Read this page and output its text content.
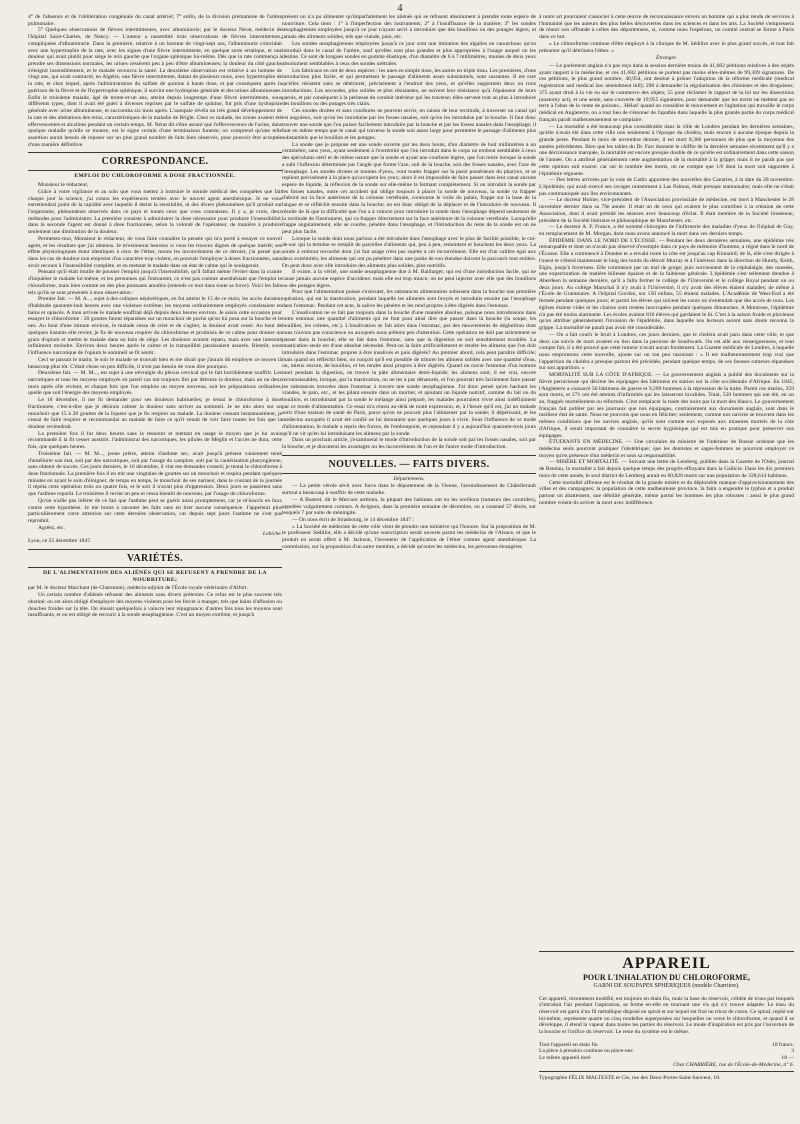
4

4° de l'absence et de l'oblitération congéniale du canal artériel; 7° enfin, de la division prématurée de l'artère pulmonaire.

5° Quelques observations de fièvres intermittentes, avec albuminurie; par le docteur Nérat, médecin de l'hôpital Saint-Charles, de Nancy. — L'auteur a rassemblé trois observations de fièvres intermittentes, compliquées d'albuminurie. Dans la première, relative à un homme de vingt-sept ans, l'albuminurie coïncidait avec une hypertrophie de la rate, avec les signes d'une fièvre intermittente, en quelque sorte erratique, et une douleur qui avait plutôt pour siège le rein gauche que l'organe splénique lui-même. Dès que la rate commença à prendre ses dimensions normales, les urines cessèrent peu à peu d'être albumineuses; la douleur du côté gauche s'éteignit insensiblement, et le malade recouvra la santé. La deuxième observation est relative à un homme de vingt ans, qui avait contracté, en Algérie, une fièvre intermittente, datant de plusieurs mois, avec hypertrophie de la rate, et chez lequel, après l'administration du sulfate de quinine à haute dose, et par conséquent après la guérison de la fièvre et de l'hypertrophie splénique, il survint une hydropisie générale et des urines albumineuses. Enfin le troisième malade, âgé de trente-et-un ans, atteint depuis longtemps d'une fièvre intermittente, sous différents types, dont il avait été guéri à diverses reprises par le sulfate de quinine, fut pris d'une hydropisie générale avec urine albumineuse, et succomba six mois après. L'autopsie révéla un très grand développement de la rate et des altérations des reins, caractéristiques de la maladie de Bright. Chez ce malade, les urines avaient été effervescentes et alcalines pendant un certain temps. M. Nérat dit s'être assuré que l'effervescence de l'urine, dans quelque maladie qu'elle se montre, est le signe certain d'une terminaison funeste; on comprend qu'une telle assertion aurait besoin de reposer sur un plus grand nombre de faits bien observés, pour pouvoir être acceptée d'une manière définitive.

CORRESPONDANCE.
EMPLOI DU CHLOROFORME A DOSE FRACTIONNÉE.

Monsieur le rédacteur,

Grâce à votre vigilance et au soin que vous mettez à instruire le monde médical des conquêtes que fait chaque jour la science, j'ai connu les expériences tentées avec le nouvel agent anesthésique. Je ne vous entretiendrai point de la rapidité avec laquelle il éteint la sensibilité, ni des divers phénomènes qu'il produit sur l'organisme, phénomènes observés dans ce pays et toutes ceux que vous connaissez. Il y a, je crois, deux méthodes pour l'administrer. La première consiste à administrer la dose nécessaire pour produire l'insensibilité; dans la seconde l'agent est donné à dose fractionnée, selon la volonté de l'opérateur, de manière à produire seulement une diminution de la douleur.

Permettez-moi, Monsieur le rédacteur, de vous faire connaître la pensée qui m'a porté à essayer ce nouvel agent, et les résultats que j'ai obtenus. Je m'estimerai heureux si vous les trouvez dignes de quelque intérêt; ses effets physiologiques étant identiques à ceux de l'éther, moins les inconvénients de ce dernier, j'ai pensé que, dans les cas de douleur non empreint d'un caractère trop violent, on pourrait l'employer à doses fractionnées, sans avoir recours à l'insensibilité complète, et en mettant le malade dans un état de calme qui le soulagerait.

Pensant qu'il était inutile de pousser l'emploi jusqu'à l'insensibilité, qu'il fallait même l'éviter dans la crainte d'inquiéter le malade lui-même, et les personnes qui l'entourent, ce n'est pas comme anesthésiant que l'emploi le chloroforme, mais bien comme un des plus puissants anodins (entends ce mot dans toute sa force). Voici les faits tels qu'ils se sont présentés à mon observation :

Premier fait. — M. A..., sujet à des coliques néphrétiques, en fut atteint le 15 de ce mois; les accès duraient d'habitude quarante-huit heures avec une violence extrême; les moyens ordinairement employés consistaient en bains et opiacés. A mon arrivée le malade souffrait déjà depuis deux heures environ. Je saisis cette occasion pour essayer le chloroforme : 20 gouttes furent répandues sur un mouchoir de poche qu'on lui posa sur la bouche et le nez. Au bout d'une minute environ, le malade cessa de crier et de s'agiter, la douleur avait cessé. Au bout de quelques instants elle revint; je fis de nouveau respirer du chloroforme et produisis de ce calme pour donner un grain d'opium et mettre le malade dans un bain de siège. Les douleurs avaient reparu, mais avec une intensité infiniment moindre. Environ deux heures après le calme et la tranquillité paraissaient assurés. Bientôt, sous l'influence narcotique de l'opium le sommeil se fit sentir.

Ceci se passait le matin; le soir le malade se trouvait bien et me disait que j'aurais dû employer ce moyen là beaucoup plus tôt. C'était chose on peu difficile, il n'est pas besoin de vous dire pourquoi.

Deuxième fait. — M. M..., est sujet à une névralgie du plexus cervical qui le fait horriblement souffrir. Les narcotiques et tous les moyens employés en pareil cas ont toujours fini par détruire la douleur, mais un ou deux mois après elle revient, et chaque fois que l'on emploie un moyen nouveau, soit les préparations ordinaires, quelle que soit l'énergie des moyens employés.

Le 18 décembre, il me fit demander pour ses douleurs habituelles; je tentai le chloroforme à dose fractionnée, c'est-à-dire que je désirais calmer la douleur sans arriver au sommeil. Je ne mis alors sur un mouchoir que 15 à 20 gouttes de la liqueur que je fis respirer au malade. La douleur cessant instantanément, je cessai de faire respirer et recommandai au malade de faire ce qu'il venait de voir faire toutes les fois que la douleur reviendrait.

La première fois il fut deux heures sans la ressentir et mettant en usage le moyen que je lui avais recommandé il la fit cesser aussitôt. J'administrai des narcotiques, les pilules de Méglin et l'accès ne dura, cette fois, que quelques heures.

Troisième fait. — M. M..., jeune prêtre, atteint d'asthme sec, avait jusqu'à présent vainement tenté d'améliorer son état, soit par des narcotiques, soit par l'usage du camphre, soit par la cautérisation pharyngienne, sans obtenir de succès. Ces jours derniers, le 16 décembre, il vint me demander conseil; je tentai le chloroforme à dose fractionnée. La première fois il en mit une vingtaine de gouttes sur un mouchoir et respira pendant quelques minutes en ayant le soin d'éloigner, de temps en temps, le mouchoir de ses narines; dans le courant de la journée il répéta cette opération trois ou quatre fois, et le soir il n'avait plus d'oppression. Deux jours se passèrent sans que l'asthme reparût. Le troisième il revint un peu et cessa bientôt de nouveau, par l'usage du chloroforme.

Qu'on n'aille pas inférer de ce fait que l'asthme peut se guérir aussi promptement, car je m'inscris en faux contre cette hypothèse. Je me borne à raconter les faits sans en tirer aucune conséquence. J'appelerai plus particulièrement votre attention sur cette dernière observation, car depuis sept jours l'asthme ne s'est pas reproduit.

Agréez, etc.

Lebiche.
Lyon, ce 25 décembre 1847.
VARIÉTÉS.
DE L'ALIMENTATION DES ALIÉNÉS QUI SE REFUSENT A PRENDRE DE LA NOURRITURE;

par M. le docteur Marchant (de Charenton), médecin-adjoint de l'École royale vétérinaire d'Alfort.

Un certain nombre d'aliénés refusent des aliments sous divers prétextes. Ce refus est le plus souvent très obstiné; on est alors obligé d'employer des moyens violents pour les forcer à manger, tels que bains d'affusion ou douches froides sur la tête. On réussit quelquefois à vaincre leur répugnance; d'autres fois tous les moyens sont insuffisants, et on est obligé de recourir à la sonde œsophagienne. C'est un moyen extrême, et jusqu'à

présent on n'a pu alimenter qu'imparfaitement les aliénés qui se refusent absolument à prendre toute espèce de nourriture. Cela tient : 1° à l'imperfection des instruments; 2° à l'insuffisance de la matière; 3° les sondes œsophagiennes employées jusqu'à ce jour n'ayant servi à introduire que des bouillons ou des potages légers, et jamais des aliments solides, tels que viande, pain, etc.

Les sondes œsophagiennes employées jusqu'à ce jour sont une imitation des algalies en caoutchouc qu'on introduit dans le canal de l'urètre, sauf qu'elles sont plus grandes et plus appropriées à l'usage auquel on les destine. Ce sont de longues sondes en gomme élastique, d'un diamètre de 6 à 7 millimètres, munies de deux yeux absolument semblables à ceux des sondes urétrales.

Les fabricans en ont de deux espèces : les unes en simple tissu, les autres en triple tissu. Les premières, d'une introduction plus facile, et qui permettent le passage d'aliments assez substantiels, sont cassantes. Il est rare qu'elles résistent sans se détériorer, précisément à l'endroit des yeux, et qu'elles supportent deux ou trois introductions. Les secondes, plus solides et plus résistantes, ne suivent leur résistance qu'à l'épaisseur de leurs parois, et par conséquent à la petitesse du conduit intérieur qui les traverse; elles servent tout au plus à introduire des bouillons ou des potages très clairs.

Ces sondes droites et sans courbures ne peuvent servir, en raison de leur rectitude, à traverser un canal qui est anguleux, soit qu'on les introduise par les fosses nasales, soit qu'on les introduise par la bouche. Il faut donc trouver une sonde que l'on puisse facilement introduire par la bouche et par les fosses nasales dans l'œsophage; il faut en même temps que le canal qui traverse la sonde soit assez large pour permettre le passage d'aliments plus substantiels que le bouillon et les potages.

La sonde que je propose est une sonde ouverte par les deux bouts, d'un diamètre de huit millimètres à un centimètre, sans yeux, ayant seulement à l'extrémité que l'on introduit dans le corps un embout semblable à ceux des spéculums utéri et de même nature que la sonde et ayant une courbure légère, que l'on retire lorsque la sonde a subi l'inflexion déterminée par l'angle que forme l'axe, soit de la bouche, soit des fosses nasales, avec l'axe de l'œsophage. Les sondes droites et munies d'yeux, vont toutes frapper sur la paroi postérieure du pharynx, et se replient précisément à la place qu'occupent les yeux; alors il est impossible de faire passer dans leur canal aucune espèce de liquide, la réflexion de la sonde sur elle-même la fermant complètement. Si on introduit la sonde par les fosses nasales, outre cet accident qui oblige toujours à placer la sonde de nouveau, la sonde va frapper d'abord sur la face antérieure de la colonne vertébrale, contourne le voile du palais, frappe sur la base de la langue et se réfléchit ensuite dans la bouche; on est donc obligé de la déplacer et de l'introduire de nouveau. Il résulte de là que la difficulté que l'on a à vaincre pour introduire la sonde dans l'œsophage dépend seulement de la rectitude de l'instrument, qui va frapper directement sur la face antérieure de la colonne vertébrale. Lorsqu'elle frappe angulairement, elle se courbe, pénètre dans l'œsophage, et l'introduction du reste de la sonde est on ne peut plus facile.

Lorsque la sonde dont nous parlons a été introduite dans l'œsophage avec le plus de facilité possible, le cul-de-sac qui la termine se remplit de parcelles d'aliments qui, peu à peu, remontent et bouchent les deux yeux. La sonde à embout recourbé dont j'ai fait usage n'est pas sujette à cet inconvénient. Elle est d'un calibre égal aux deux extrémités; les aliments qui ont pu pénétrer dans une partie de son étendue doivent la parcourir tout entière. On peut donc avec elle introduire des aliments plus solides, plus nutritifs.

Il existe, à la vérité, une sonde œsophagienne due à M. Baillarger, qui est d'une introduction facile, qui ne cause jamais aucune espèce d'accidens; mais elle est trop mince; on ne peut injecter avec elle que des bouillons ou des potages légers.

Pour que l'alimentation puisse s'exécuter, les substances alimentaires subissent dans la bouche une première opération, qui est la mastication, pendant laquelle les aliments sont broyés et introduits ensuite par l'œsophage dans l'estomac. Pendant cet acte, la salive les pénètre et les rend propres à être digérés dans l'estomac.

L'insalivation ne se fait pas toujours dans la bouche d'une manière absolue, puisque nous introduisons dans notre estomac une quantité d'aliments qui ne font pour ainsi dire que passer dans la bouche (la soupe, les bouillies, les crèmes, etc.). L'insalivation se fait alors dans l'estomac, par des mouvements de déglutition dont nous n'avons pas conscience ou auxquels nous prêtons peu d'attention. Cette opération ne doit pas strictement se passer dans la bouche; elle se fait dans l'estomac, sans que la digestion en soit sensiblement troublée. La mastication seule est d'une absolue nécessité. Peut-on la faire artificiellement et rendre les alimens que l'on doit introduire dans l'estomac propres à être insalivés et puis digérés? Au premier abord, cela peut paraître difficile; mais quand on réfléchit bien, on conçoit qu'il est possible de triturer les alimens solides avec une quantité d'eau, ou, mieux encore, de bouillon, et les rendre ainsi propres à être digérés. Quand on ouvre l'estomac d'un homme mort pendant la digestion, on trouve la pâte alimentaire demi-liquide; les alimens sont, il est vrai, encore reconnaissables, lorsque, par la mastication, on ne les a pas dénaturés, et l'on pourrait très facilement faire passer les substances trouvées dans l'estomac à travers une sonde œsophagienne. J'ai donc pensé qu'en hachant les viandes, le pain, etc., et les pilant ensuite dans un mortier, et ajoutant un liquide nutritif, comme du lait ou du bouillon, et introduisant par la sonde le mélange ainsi préparé, les malades pourraient vivre ainsi indéfiniment par ce mode d'alimentation. Ce essai m'a réussi au-delà de toute expression, et, à l'heure qu'il est, j'ai un malade sorti d'une maison de santé de Paris, parce qu'on ne pouvait plus l'alimenter par la sonde; il dépérissait, et les médecins auxquels il avait été confié ne lui donnaient que quelques jours à vivre. Sous l'influence de ce mode d'alimentation, le malade a repris des forces, de l'embonpoint, et cependant il y a aujourd'hui quarante-trois jours qu'il ne vit qu'en lui introduisant les alimens par la sonde.

Dans un prochain article, j'examinerai le mode d'introduction de la sonde soit par les fosses nasales, soit par la bouche, et je discuterai les avantages ou les inconvéniens de l'un et de l'autre mode d'introduction.

NOUVELLES. — FAITS DIVERS.
Départemens.

— La petite vérole sévit avec force dans le département de la Vienne, l'arrondissement de Châtellerault surtout a beaucoup à souffrir de cette maladie.

— A Bustrel, dit le Mercure artésien, la plupart des habitans ont eu les oreillons (tumeurs des carotides), appelées vulgairement cornues. A Avignon, dans la première semaine de décembre, on a constaté 57 décès, sur lesquels 7 par suite de méningite.

— On nous écrit de Strasbourg, le 14 décembre 1847 :

« La Société de médecine de cette ville vient de prendre une initiative qui l'honore. Sur la proposition de M. le professeur Sédillot, elle a décidé qu'une souscription serait ouverte parmi les médecins de l'Alsace, et que le produit en serait offert à M. Jackson, l'inventeur de l'application de l'éther comme agent anesthésique. La commission, sur la proposition d'un autre membre, a décidé qu'outre les médecins, les personnes étrangères

à notre art pourraient s'associer à cette œuvre de reconnaissance envers un homme qui a plus rendu de services à l'humanité que les auteurs des plus belles découvertes dans les sciences et dans les arts. La Société s'empressera de réunir son offrande à celles des départemens, si, comme nous l'espérons, un comité central se forme à Paris dans ce but.

« Le chloroforme continue d'être employé à la clinique de M. Sédillot avec le plus grand succès, et tout fait présumer qu'il détrônera l'éther. »

Étranger.

— Le parlement anglais n'a pas reçu dans la session dernière moins de 41,682 pétitions relatives à des objets ayant rapport à la médecine, et ces 41,682 pétitions se portent pas moins elles-mêmes de 99,309 signatures. De ces pétitions, le plus grand nombre, 40,954, ont destiné à prôner l'adoption de la réforme médicale (medical registration and medical law amendment bill); 298 à demander la régularisation des chimistes et des droguistes; 375 ayant droit à la vie ou sur le commerce des objets; 55 pour réclamer le rapport de la loi sur les dissections (anatomy act), et une seule, sans couverte de 19,955 signatures, pour demander que les morts ne mettent pas en terre à l'abus de la vente de poisons... Hélas! quand on considère le mouvement et l'agitation qui travaille le corps médical en Angleterre, on a tout lieu de s'étonner de l'apathie dans laquelle la plus grande partie du corps médical français paraît malheureusement se complaire.

— La mortalité a été beaucoup plus considérable dans la ville de Londres pendant les dernières semaines, qu'elle n'avait été dans cette ville non seulement à l'époque du choléra, mais encore à aucune époque depuis la grande peste. Pendant le mois de novembre dernier, il est mort 8,360 personnes de plus que la moyenne des années précédentes. Bien que les tables du Dr. Farr donnent le chiffre de la dernière semaine récemment qu'il y a une décroissance marquée, la mortalité est encore presque double de ce qu'elle est ordinairement dans cette saison de l'année. On a attribué généralement cette augmentation de la mortalité à la grippe; mais il ne paraît pas que cette opinion soit exacte; car sur le nombre des morts, on ne compte que 1/6 dont la mort soit rapportée à l'épidémie régnante.

— Des lettres arrivées par la voie de Cadix apportent des nouvelles des Canaries, à la date du 28 novembre. L'épidémie, qui avait exercé ses ravages notamment à Las Palmas, était presque stationnaire; mais elle ne s'était pas communiquée aux îles environnantes.

— Le docteur Holme, vice-président de l'Association provinciale de médecine, est mort à Manchester le 28 novembre dernier dans sa 79e année. Il était un de ceux qui avaient le plus contribué à la création de cette Association, dont il avait présidé les séances avec beaucoup d'éclat. Il était membre de la Société linnéenne, président de la Société littéraire et philosophique de Manchester, etc.

— Le docteur A. F. France, a été nommé chirurgien de l'infirmerie des maladies d'yeux de l'hôpital de Guy, en remplacement de M. Morgan, dont nous avons annoncé la mort dans ces derniers temps.

ÉPIDÉMIE DANS LE NORD DE L'ÉCOSSE. — Pendant les deux dernières semaines, une épidémie très remarquable et dont on n'avait pas observé d'exemple dans ce pays de mémoire d'homme, a régné dans le nord de l'Écosse. Elle a commencé à Dundee et a envahi toute la côte est jusqu'au cap Kinnaird; de là, elle s'est dirigée à l'ouest et s'étend maintenant le long des bords du détroit Murray et à l'intérieur dans la direction de Huntly, Keith, Elgin, jusqu'à Inverness. Elle commence par un mal de gorge; puis surviennent de la céphalalgie, des nausées, une expectoration de matière bilieuse épaisse et de la faiblesse générale. L'épidémie s'est tellement étendue à Aberdeen la semaine dernière, qu'il a fallu fermer le collège de l'Université et le collège Royal pendant un ou deux jours. Au collège Marschal il n'y avait à l'Université, il n'y avait des élèves étaient malades; de même à l'École de Grammaire. A l'hôpital Gordon, sur 150 enfans, 55 étaient malades. L'Académie de West-End a été fermée pendant quelques jours; et parmi les élèves qui suivent les cours on n'entendait que des accès de toux. Les églises étaient vides et les chaires sont restées inoccupées pendant quelques dimanches. A Montrose, l'épidémie n'a pas été moins alarmante. Les écoles avaient 810 élèves qui gardaient le lit. C'est à la saison froide et pluvieuse qu'on attribue généralement l'invasion de l'épidémie, dans laquelle nos lecteurs auront sans doute reconnu la grippe. La mortalité ne paraît pas avoir été considérable.

— On a fait courir le bruit à Londres, ces jours derniers, que le choléra avait paru dans cette ville, et que deux cas suivis de mort avaient eu lieu dans la paroisse de Southwark. On est allé aux renseignemens, et tout compte fait, il a été prouvé que cette rumeur n'avait aucun fondement. La Gazette médicale de Londres, à laquelle nous empruntons cette nouvelle, ajoute sur un ton peu rassurant : « Il est malheureusement trop vrai que l'apparition du choléra a presque partout été précédée, pendant quelque temps, de ces fausses rumeurs répandues sur son apparition. »

MORTALITÉ SUR LA CÔTE D'AFRIQUE. — Le gouvernement anglais a publié des documents sur la fièvre pernicieuse qui décime les équipages des bâtimens en station sur la côte occidentale d'Afrique. En 1845, l'Angleterre a consacré 56 bâtimens de guerre et 9,289 hommes à la répression de la traite. Parmi ces marins, 259 sont morts, et 271 ont été atteints d'infirmités qui les laisseront invalides. Total, 530 hommes qui ont été, en un an, frappés mortellement ou réformés. C'est remplacer la traite des noirs par la mort des blancs. Le gouvernement français fait publier par ses journaux que nos équipages, contrairement aux documents anglais, sont dans le meilleur état de santé. Nous ne pouvons que nous en féliciter; seulement, comme nos navires se trouvent dans les mêmes conditions que les navires anglais, qu'ils sont comme eux exposés aux miasmes mortels de la côte d'Afrique, il serait important de connaître le secret hygiénique qui est mis en pratique pour préserver nos équipages.

ÉTUDIANTS EN MÉDECINE. — Une circulaire du ministre de l'intérieur de Russie ordonne que les médecins seuls pourront pratiquer l'obstétrique; que les dentistes et sages-femmes ne pourront employer ce moyen qu'en présence d'un médecin et sous sa responsabilité.

— MISÈRE ET MORTALITÉ. — Suivant une lettre de Lemberg, publiée dans la Gazette de l'Oder, journal de Breslau, la mortalité a fait depuis quelque temps des progrès effrayans dans la Gallicie. Dans les dix premiers mois de cette année, le seul district de Lemberg aurait eu 60,820 morts sur une population de 338,614 habitans.

Cette mortalité affreuse est le résultat de la grande misère et du déplorable manque d'approvisionnement des villes et des campagnes; la population de cette malheureuse province, la faim a engendré le typhus et a produit partout un abattement, une débilité générale, même parmi les hommes les plus robustes : aussi le plus grand nombre voient-ils arriver la mort avec indifférence.

APPAREIL
POUR L'INHALATION DU CHLOROFORME,
GARNI DE SOUPAPES SPHÉRIQUES (modèle Charrière).

Cet appareil, récemment modifié, est toujours en étain fin, mais la base du réservoir, criblée de trous par lesquels s'introduit l'air pendant l'aspiration, se ferme en-elle en tournant une vis qui n'y trouve adaptée. Le tissu du réservoir est garni d'un fil métallique disposé en spiral et sur lequel est fixé un tricot de coton. Ce spiral, replié sur lui-même, représente quatre ou cinq rondelles superposées sur lesquelles on verse le chloroforme, et quand il se développe, il étend la vapeur dans toutes les parties du réservoir. Le mode d'inspiration est pris par l'ouverture de la bouche et l'orifice du réservoir. Le reste du système est le même.

Tout l'appareil en étain fin	10 francs.
La pièce à pression continue ou pince-nez	3
Le même appareil doré	18 —
Chez CHARRIÈRE, rue de l'École-de-Médecine, n° 6.
Typographie FÉLIX MALTESTE et Cie, rue des Deux-Portes-Saint-Sauveur, 18.
